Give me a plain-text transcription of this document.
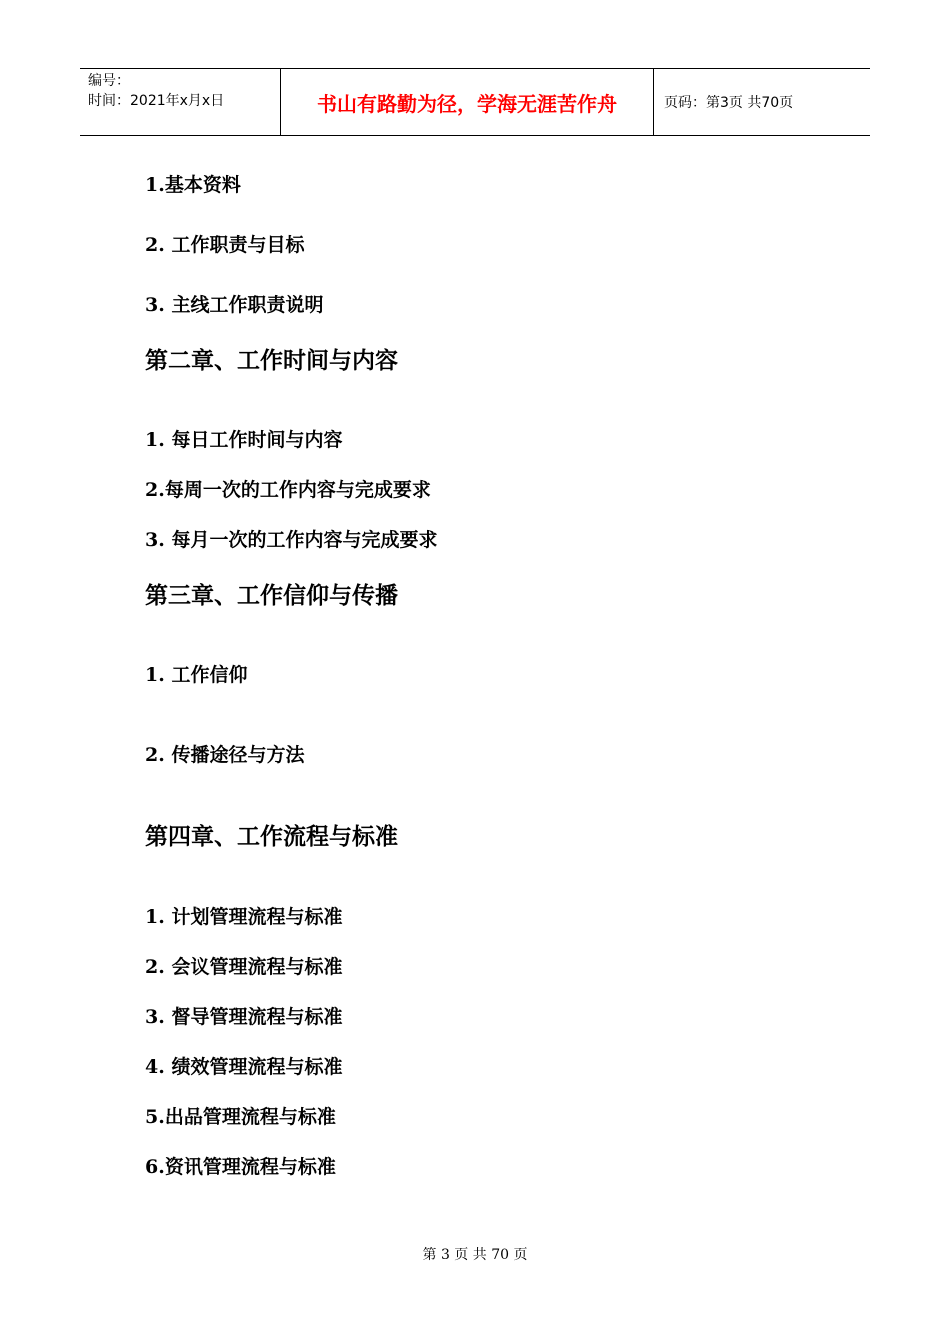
编号：
时间：2021年x月x日	书山有路勤为径，学海无涯苦作舟	页码：第3页 共70页
1.基本资料
2. 工作职责与目标
3. 主线工作职责说明
第二章、工作时间与内容
1. 每日工作时间与内容
2.每周一次的工作内容与完成要求
3. 每月一次的工作内容与完成要求
第三章、工作信仰与传播
1. 工作信仰
2. 传播途径与方法
第四章、工作流程与标准
1. 计划管理流程与标准
2. 会议管理流程与标准
3. 督导管理流程与标准
4. 绩效管理流程与标准
5.出品管理流程与标准
6.资讯管理流程与标准
第 3 页 共 70 页
